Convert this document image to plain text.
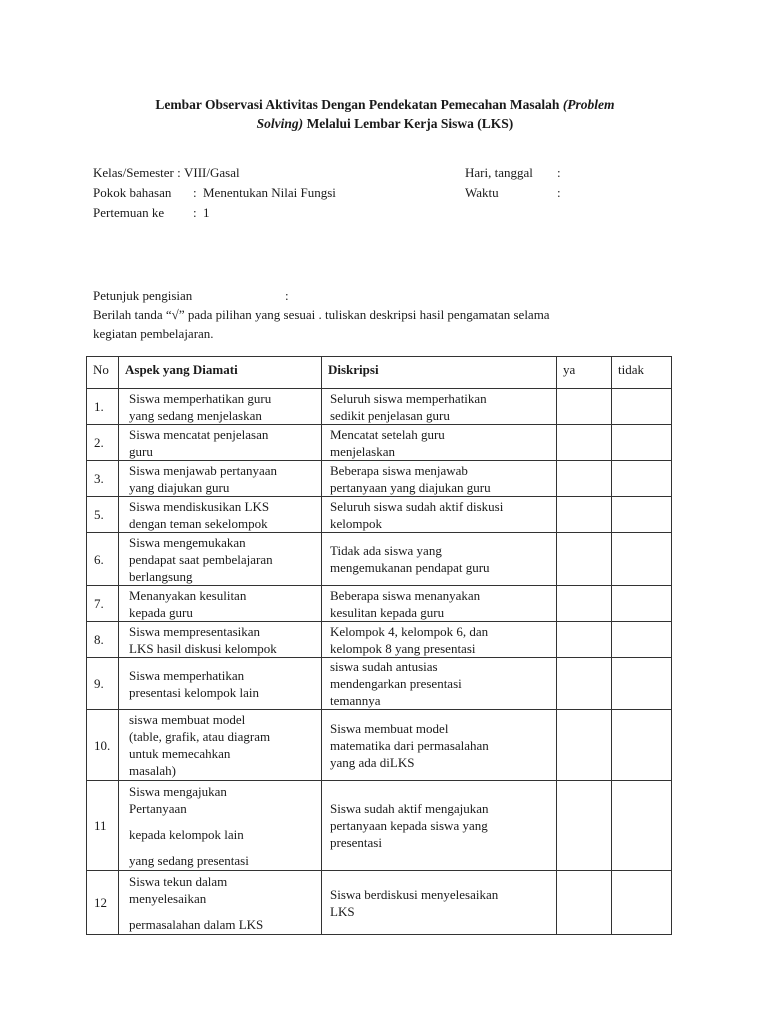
Lembar Observasi Aktivitas Dengan Pendekatan Pemecahan Masalah (Problem
Solving) Melalui Lembar Kerja Siswa (LKS)
Kelas/Semester :
VIII/Gasal
Pokok bahasan	: Menentukan Nilai Fungsi
Pertemuan ke	: 1
Hari, tanggal	:
Waktu	:
Petunjuk pengisian	:
Berilah tanda “√” pada pilihan yang sesuai . tuliskan deskripsi hasil pengamatan selama
kegiatan pembelajaran.
No	Aspek yang Diamati	Diskripsi	ya	tidak
1.	Siswa memperhatikan guru
yang sedang menjelaskan	Seluruh siswa memperhatikan
sedikit penjelasan guru		

2.	Siswa mencatat penjelasan
guru	Mencatat setelah guru
menjelaskan		

3.	Siswa menjawab pertanyaan
yang diajukan guru	Beberapa siswa menjawab
pertanyaan yang diajukan guru		

5.	Siswa mendiskusikan LKS
dengan teman sekelompok	Seluruh siswa sudah aktif diskusi
kelompok		

6.	Siswa mengemukakan
pendapat saat pembelajaran
berlangsung	Tidak ada siswa yang
mengemukanan pendapat guru		

7.	Menanyakan kesulitan
kepada guru	Beberapa siswa menanyakan
kesulitan kepada guru		

8.	Siswa mempresentasikan
LKS hasil diskusi kelompok	Kelompok 4, kelompok 6, dan
kelompok 8 yang presentasi		

9.	Siswa memperhatikan
presentasi kelompok lain	siswa sudah antusias
mendengarkan presentasi
temannya		

10.	siswa membuat model
(table, grafik, atau diagram
untuk memecahkan
masalah)	Siswa membuat model
matematika dari permasalahan
yang ada diLKS		

11	Siswa mengajukan
Pertanyaan
kepada kelompok lain
yang sedang presentasi	Siswa sudah aktif mengajukan
pertanyaan kepada siswa yang
presentasi		

12	Siswa tekun dalam
menyelesaikan
permasalahan dalam LKS	Siswa berdiskusi menyelesaikan
LKS		
